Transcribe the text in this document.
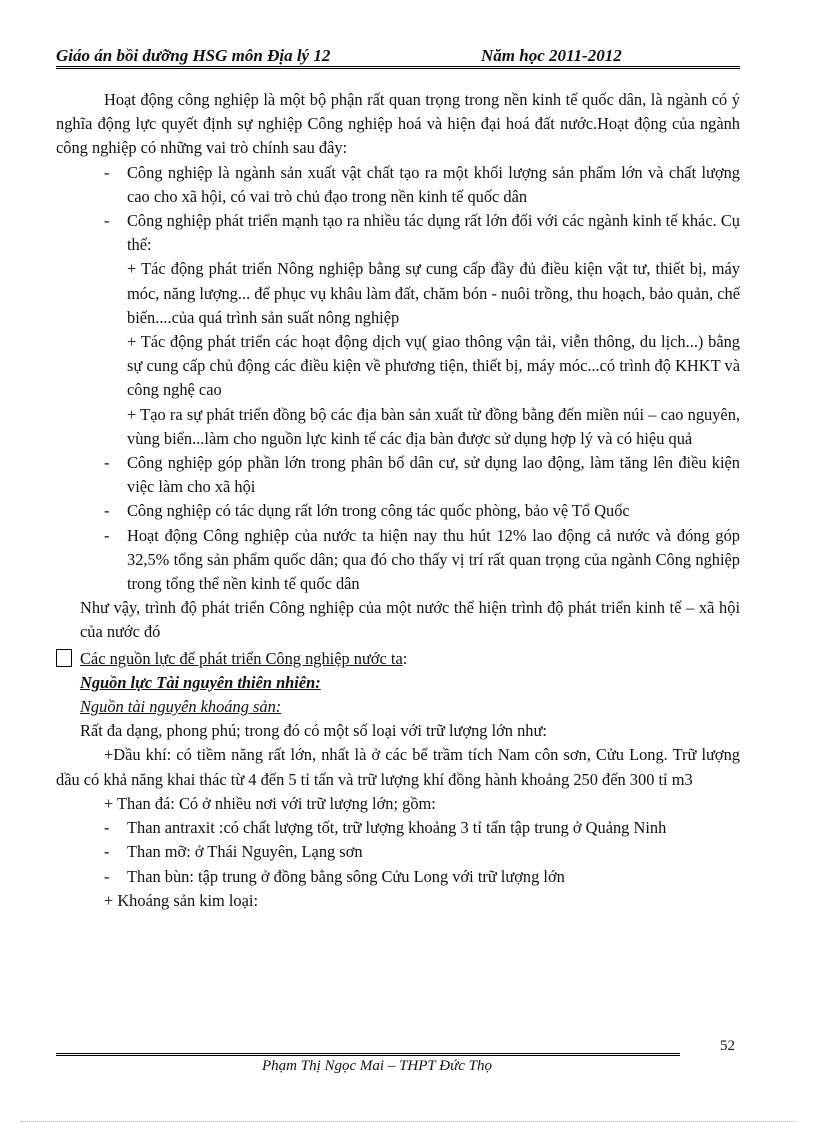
Giáo án bồi dưỡng HSG môn Địa lý 12	Năm học 2011-2012

Hoạt động công nghiệp là một bộ phận rất quan trọng trong nền kinh tế quốc dân, là ngành có ý nghĩa động lực quyết định sự nghiệp Công nghiệp hoá và hiện đại hoá đất nước.Hoạt động của ngành công nghiệp có những vai trò chính sau đây:

- Công nghiệp là ngành sản xuất vật chất tạo ra một khối lượng sản phẩm lớn và chất lượng cao cho xã hội, có vai trò chủ đạo trong nền kinh tế quốc dân
- Công nghiệp phát triển mạnh tạo ra nhiều tác dụng rất lớn đối với các ngành kinh tế khác. Cụ thể:

+ Tác động phát triển Nông nghiệp bằng sự cung cấp đầy đủ điều kiện vật tư, thiết bị, máy móc, năng lượng... để phục vụ khâu làm đất, chăm bón - nuôi trồng, thu hoạch, bảo quản, chế biến....của quá trình sản suất nông nghiệp

+ Tác động phát triển các hoạt động dịch vụ( giao thông vận tải, viễn thông, du lịch...) bằng sự cung cấp chủ động các điều kiện về phương tiện, thiết bị, máy móc...có trình độ KHKT và công nghệ cao

+ Tạo ra sự phát triển đồng bộ các địa bàn sản xuất từ đồng bằng đến miền núi – cao nguyên, vùng biển...làm cho nguồn lực kinh tế các địa bàn được sử dụng hợp lý và có hiệu quả

- Công nghiệp góp phần lớn trong phân bố dân cư, sử dụng lao động, làm tăng lên điều kiện việc làm cho xã hội
- Công nghiệp có tác dụng rất lớn trong công tác quốc phòng, bảo vệ Tổ Quốc
- Hoạt động Công nghiệp của nước ta hiện nay thu hút 12% lao động cả nước và đóng góp 32,5% tổng sản phẩm quốc dân; qua đó cho thấy vị trí rất quan trọng của ngành Công nghiệp trong tổng thể nền kinh tế quốc dân

Như vậy, trình độ phát triển Công nghiệp của một nước thể hiện trình độ phát triển kinh tế – xã hội của nước đó

Các nguồn lực để phát triển Công nghiệp nước ta:

Nguồn lực Tài nguyên thiên nhiên:

Nguồn tài nguyên khoáng sản:

Rất đa dạng, phong phú; trong đó có một số loại với trữ lượng lớn như:

+Dầu khí: có tiềm năng rất lớn, nhất là ở các bể trầm tích Nam côn sơn, Cửu Long. Trữ lượng dầu có khả năng khai thác từ 4 đến 5 tỉ tấn và trữ lượng khí đồng hành khoảng 250 đến 300 tỉ m3

+ Than đá: Có ở nhiều nơi với trữ lượng lớn; gồm:

- Than antraxit :có chất lượng tốt, trữ lượng khoảng 3 tỉ tấn tập trung ở Quảng Ninh
- Than mỡ: ở Thái Nguyên, Lạng sơn
- Than bùn: tập trung ở đồng bằng sông Cửu Long với trữ lượng lớn

+ Khoáng sản kim loại:

52
Phạm Thị Ngọc Mai – THPT Đức Thọ
